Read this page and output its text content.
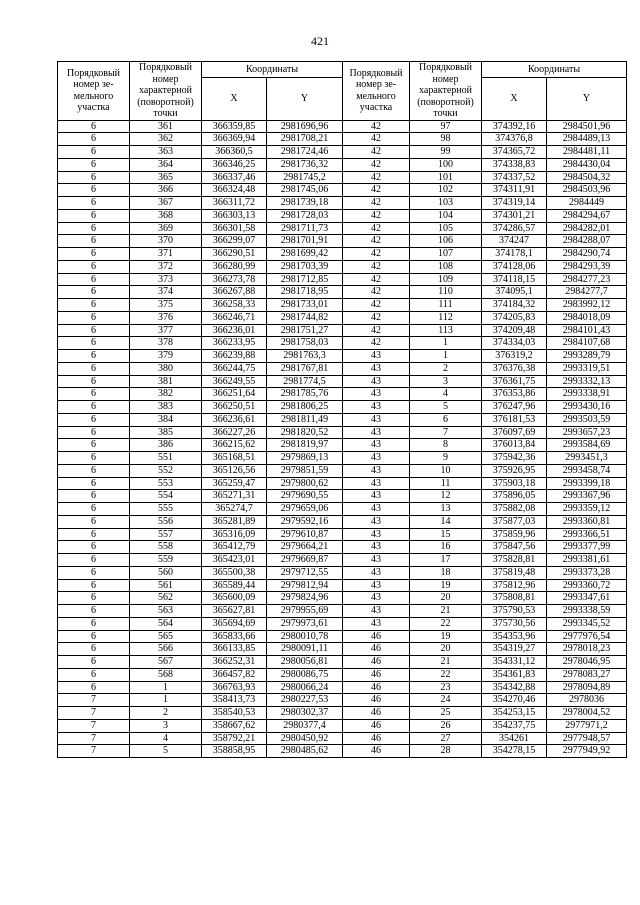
421
Порядковый номер зе-мельного участка	Порядковый номер характерной (поворотной) точки	Координаты		Порядковый номер зе-мельного участка	Порядковый номер характерной (поворотной) точки	Координаты	
		X	Y			X	Y
6	361	366359,85	2981696,96	42	97	374392,16	2984501,96
6	362	366369,94	2981708,21	42	98	374376,8	2984489,13
6	363	366360,5	2981724,46	42	99	374365,72	2984481,11
6	364	366346,25	2981736,32	42	100	374338,83	2984430,04
6	365	366337,46	2981745,2	42	101	374337,52	2984504,32
6	366	366324,48	2981745,06	42	102	374311,91	2984503,96
6	367	366311,72	2981739,18	42	103	374319,14	2984449
6	368	366303,13	2981728,03	42	104	374301,21	2984294,67
6	369	366301,58	2981711,73	42	105	374286,57	2984282,01
6	370	366299,07	2981701,91	42	106	374247	2984288,07
6	371	366290,51	2981699,42	42	107	374178,1	2984290,74
6	372	366280,99	2981703,39	42	108	374128,06	2984293,39
6	373	366273,78	2981712,85	42	109	374118,15	2984277,23
6	374	366267,88	2981718,95	42	110	374095,1	2984277,7
6	375	366258,33	2981733,01	42	111	374184,32	2983992,12
6	376	366246,71	2981744,82	42	112	374205,83	2984018,09
6	377	366236,01	2981751,27	42	113	374209,48	2984101,43
6	378	366233,95	2981758,03	42	1	374334,03	2984107,68
6	379	366239,88	2981763,3	43	1	376319,2	2993289,79
6	380	366244,75	2981767,81	43	2	376376,38	2993319,51
6	381	366249,55	2981774,5	43	3	376361,75	2993332,13
6	382	366251,64	2981785,76	43	4	376353,86	2993338,91
6	383	366250,51	2981806,25	43	5	376247,96	2993430,16
6	384	366236,61	2981811,49	43	6	376181,53	2993503,59
6	385	366227,26	2981820,52	43	7	376097,69	2993657,23
6	386	366215,62	2981819,97	43	8	376013,84	2993584,69
6	551	365168,51	2979869,13	43	9	375942,36	2993451,3
6	552	365126,56	2979851,59	43	10	375926,95	2993458,74
6	553	365259,47	2979800,62	43	11	375903,18	2993399,18
6	554	365271,31	2979690,55	43	12	375896,05	2993367,96
6	555	365274,7	2979659,06	43	13	375882,08	2993359,12
6	556	365281,89	2979592,16	43	14	375877,03	2993360,81
6	557	365316,09	2979610,87	43	15	375859,96	2993366,51
6	558	365412,79	2979664,21	43	16	375847,56	2993377,99
6	559	365423,01	2979669,87	43	17	375828,81	2993381,61
6	560	365500,38	2979712,55	43	18	375819,48	2993373,28
6	561	365589,44	2979812,94	43	19	375812,96	2993360,72
6	562	365600,09	2979824,96	43	20	375808,81	2993347,61
6	563	365627,81	2979955,69	43	21	375790,53	2993338,59
6	564	365694,69	2979973,61	43	22	375730,56	2993345,52
6	565	365833,66	2980010,78	46	19	354353,96	2977976,54
6	566	366133,85	2980091,11	46	20	354319,27	2978018,23
6	567	366252,31	2980056,81	46	21	354331,12	2978046,95
6	568	366457,82	2980086,75	46	22	354361,83	2978083,27
6	1	366763,93	2980066,24	46	23	354342,88	2978094,89
7	1	358413,73	2980227,53	46	24	354270,46	2978036
7	2	358540,53	2980302,37	46	25	354253,15	2978004,52
7	3	358667,62	2980377,4	46	26	354237,75	2977971,2
7	4	358792,21	2980450,92	46	27	354261	2977948,57
7	5	358858,95	2980485,62	46	28	354278,15	2977949,92
